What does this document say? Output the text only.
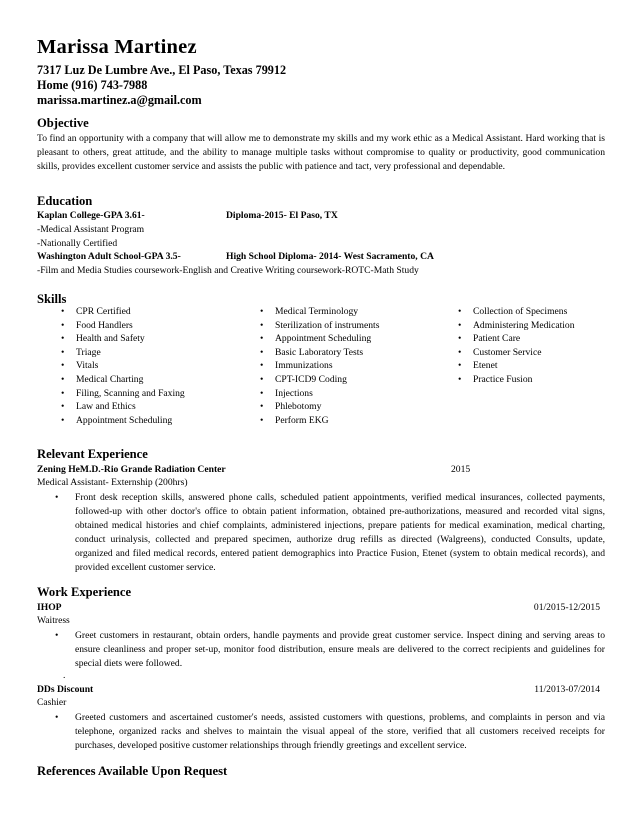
Marissa Martinez
7317 Luz De Lumbre Ave., El Paso, Texas 79912
Home (916) 743-7988
marissa.martinez.a@gmail.com
Objective
To find an opportunity with a company that will allow me to demonstrate my skills and my work ethic as a Medical Assistant. Hard working that is pleasant to others, great attitude, and the ability to manage multiple tasks without compromise to quality or productivity, good communication skills, provides excellent customer service and assists the public with patience and tact, very professional and dependable.
Education
Kaplan College-GPA 3.61-	Diploma-2015- El Paso, TX
-Medical Assistant Program
-Nationally Certified
Washington Adult School-GPA 3.5-	High School Diploma- 2014- West Sacramento, CA
-Film and Media Studies coursework-English and Creative Writing coursework-ROTC-Math Study
Skills
• CPR Certified
• Food Handlers
• Health and Safety
• Triage
• Vitals
• Medical Charting
• Filing, Scanning and Faxing
• Law and Ethics
• Appointment Scheduling
• Medical Terminology
• Sterilization of instruments
• Appointment Scheduling
• Basic Laboratory Tests
• Immunizations
• CPT-ICD9 Coding
• Injections
• Phlebotomy
• Perform EKG
• Collection of Specimens
• Administering Medication
• Patient Care
• Customer Service
• Etenet
• Practice Fusion
Relevant Experience
Zening HeM.D.-Rio Grande Radiation Center	2015
Medical Assistant- Externship (200hrs)
• Front desk reception skills, answered phone calls, scheduled patient appointments, verified medical insurances, collected payments, followed-up with other doctor's office to obtain patient information, obtained pre-authorizations, measured and recorded vital signs, obtained medical histories and chief complaints, administered injections, prepare patients for medical examination, medical charting, conduct urinalysis, collected and prepared specimen, authorize drug refills as directed (Walgreens), conducted Consults, update, organized and filed medical records, entered patient demographics into Practice Fusion, Etenet (system to obtain medical records), and provided excellent customer service.
Work Experience
IHOP	01/2015-12/2015
Waitress
• Greet customers in restaurant, obtain orders, handle payments and provide great customer service. Inspect dining and serving areas to ensure cleanliness and proper set-up, monitor food distribution, ensure meals are delivered to the correct recipients and guidelines for special diets were followed.
.
DDs Discount	11/2013-07/2014
Cashier
• Greeted customers and ascertained customer's needs, assisted customers with questions, problems, and complaints in person and via telephone, organized racks and shelves to maintain the visual appeal of the store, verified that all customers received receipts for purchases, developed positive customer relationships through friendly greetings and excellent service.
References Available Upon Request
